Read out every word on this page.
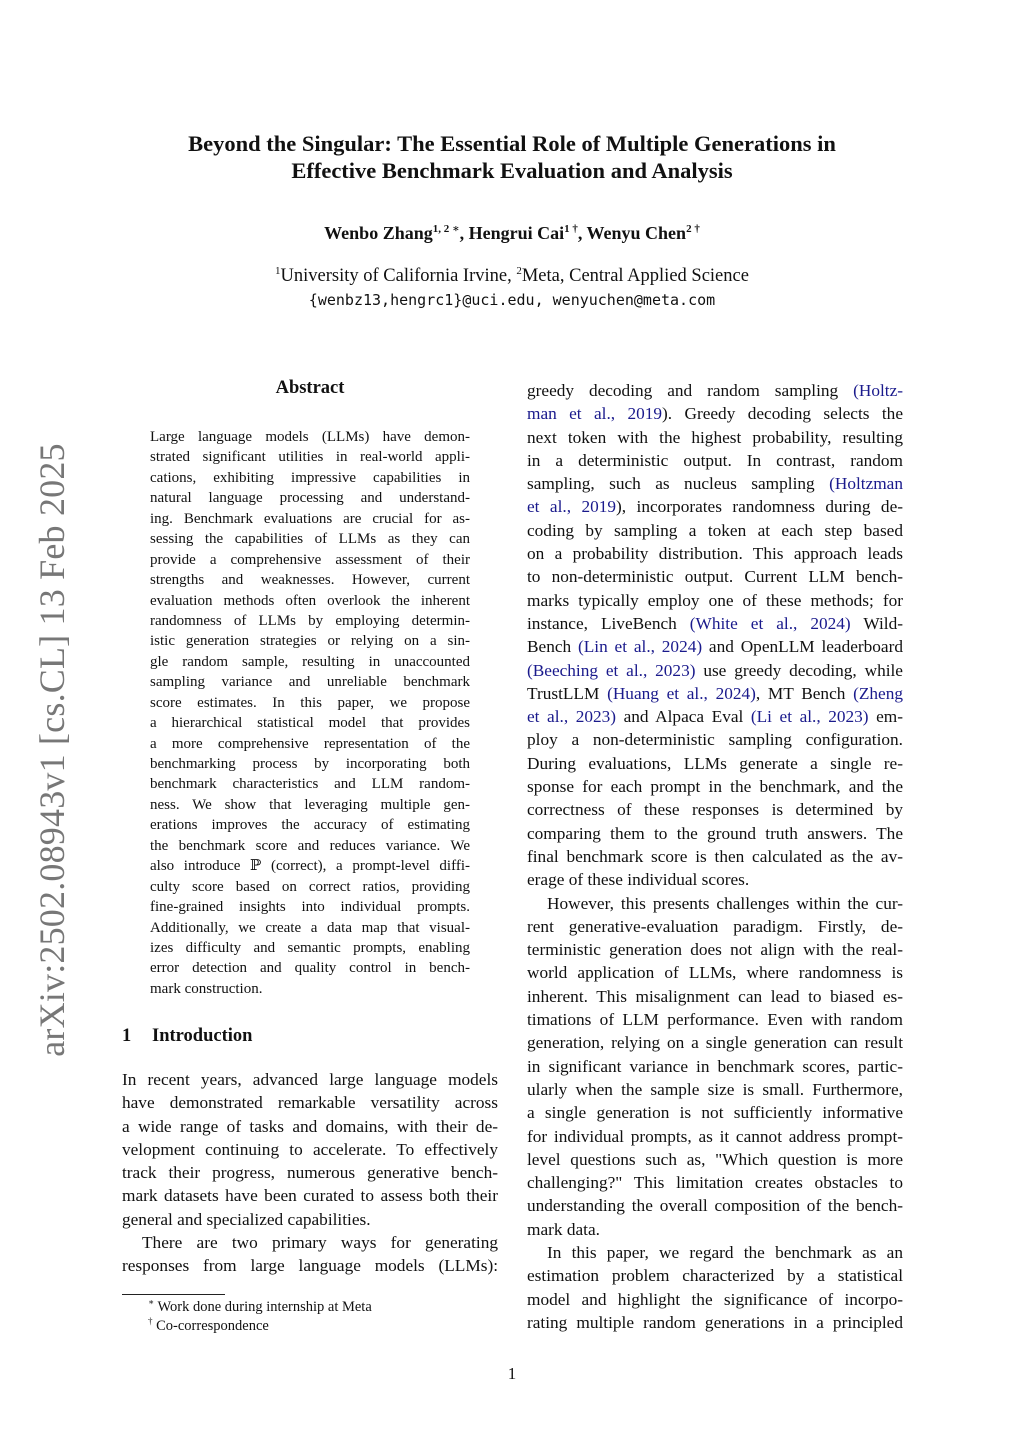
arXiv:2502.08943v1 [cs.CL] 13 Feb 2025
Beyond the Singular: The Essential Role of Multiple Generations in
Effective Benchmark Evaluation and Analysis
Wenbo Zhang$^{1, 2 ∗}$, Hengrui Cai$^{1 \dagger}$, Wenyu Chen$^{2 \dagger}$
$^1$University of California Irvine, $^2$Meta, Central Applied Science
{wenbz13,hengrc1}@uci.edu, wenyuchen@meta.com
Abstract
Large language models (LLMs) have demon-
strated significant utilities in real-world appli-
cations, exhibiting impressive capabilities in
natural language processing and understand-
ing. Benchmark evaluations are crucial for as-
sessing the capabilities of LLMs as they can
provide a comprehensive assessment of their
strengths and weaknesses. However, current
evaluation methods often overlook the inherent
randomness of LLMs by employing determin-
istic generation strategies or relying on a sin-
gle random sample, resulting in unaccounted
sampling variance and unreliable benchmark
score estimates. In this paper, we propose
a hierarchical statistical model that provides
a more comprehensive representation of the
benchmarking process by incorporating both
benchmark characteristics and LLM random-
ness. We show that leveraging multiple gen-
erations improves the accuracy of estimating
the benchmark score and reduces variance. We
also introduce ℙ (correct), a prompt-level diffi-
culty score based on correct ratios, providing
fine-grained insights into individual prompts.
Additionally, we create a data map that visual-
izes difficulty and semantic prompts, enabling
error detection and quality control in bench-
mark construction.
1 Introduction
In recent years, advanced large language models
have demonstrated remarkable versatility across
a wide range of tasks and domains, with their de-
velopment continuing to accelerate. To effectively
track their progress, numerous generative bench-
mark datasets have been curated to assess both their
general and specialized capabilities.
There are two primary ways for generating
responses from large language models (LLMs):
greedy decoding and random sampling (Holtz-
man et al., 2019). Greedy decoding selects the
next token with the highest probability, resulting
in a deterministic output. In contrast, random
sampling, such as nucleus sampling (Holtzman
et al., 2019), incorporates randomness during de-
coding by sampling a token at each step based
on a probability distribution. This approach leads
to non-deterministic output. Current LLM bench-
marks typically employ one of these methods; for
instance, LiveBench (White et al., 2024) Wild-
Bench (Lin et al., 2024) and OpenLLM leaderboard
(Beeching et al., 2023) use greedy decoding, while
TrustLLM (Huang et al., 2024), MT Bench (Zheng
et al., 2023) and Alpaca Eval (Li et al., 2023) em-
ploy a non-deterministic sampling configuration.
During evaluations, LLMs generate a single re-
sponse for each prompt in the benchmark, and the
correctness of these responses is determined by
comparing them to the ground truth answers. The
final benchmark score is then calculated as the av-
erage of these individual scores.
However, this presents challenges within the cur-
rent generative-evaluation paradigm. Firstly, de-
terministic generation does not align with the real-
world application of LLMs, where randomness is
inherent. This misalignment can lead to biased es-
timations of LLM performance. Even with random
generation, relying on a single generation can result
in significant variance in benchmark scores, partic-
ularly when the sample size is small. Furthermore,
a single generation is not sufficiently informative
for individual prompts, as it cannot address prompt-
level questions such as, "Which question is more
challenging?" This limitation creates obstacles to
understanding the overall composition of the bench-
mark data.
In this paper, we regard the benchmark as an
estimation problem characterized by a statistical
model and highlight the significance of incorpo-
rating multiple random generations in a principled
∗ Work done during internship at Meta
† Co-correspondence
1
